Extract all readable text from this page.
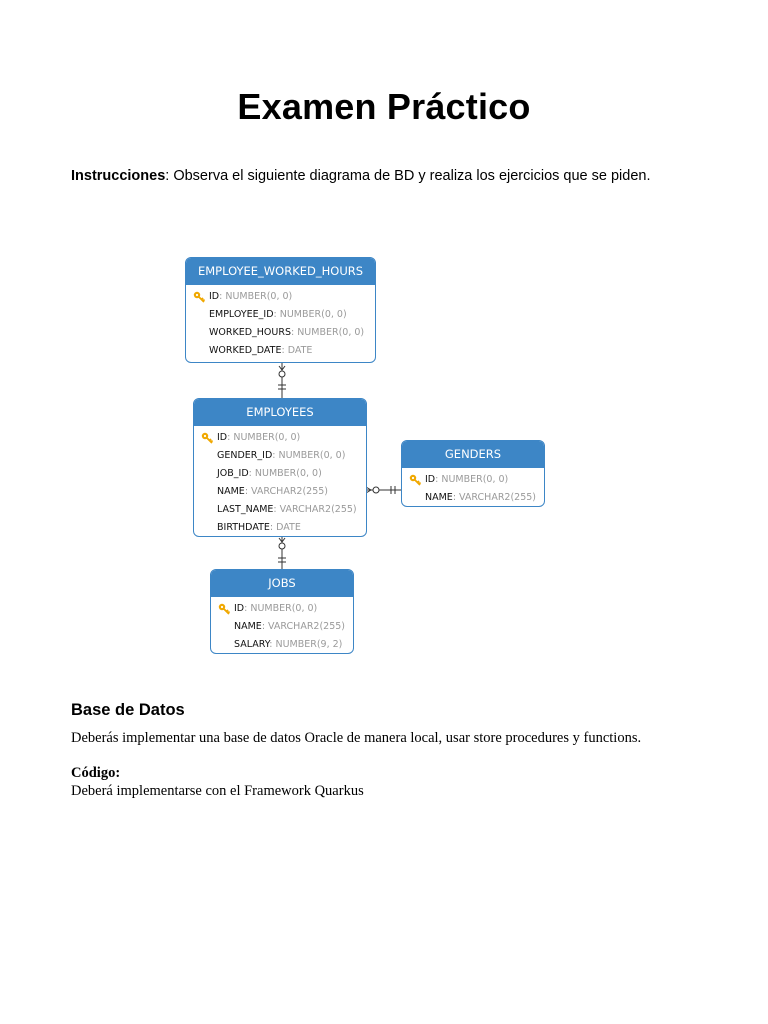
Examen Práctico

Instrucciones: Observa el siguiente diagrama de BD y realiza los ejercicios que se piden.

EMPLOYEE_WORKED_HOURS
ID: NUMBER(0, 0)
EMPLOYEE_ID: NUMBER(0, 0)
WORKED_HOURS: NUMBER(0, 0)
WORKED_DATE: DATE
EMPLOYEES
ID: NUMBER(0, 0)
GENDER_ID: NUMBER(0, 0)
JOB_ID: NUMBER(0, 0)
NAME: VARCHAR2(255)
LAST_NAME: VARCHAR2(255)
BIRTHDATE: DATE
GENDERS
ID: NUMBER(0, 0)
NAME: VARCHAR2(255)
JOBS
ID: NUMBER(0, 0)
NAME: VARCHAR2(255)
SALARY: NUMBER(9, 2)
Base de Datos

Deberás implementar una base de datos Oracle de manera local, usar store procedures y functions.

Código:

Deberá implementarse con el Framework Quarkus
